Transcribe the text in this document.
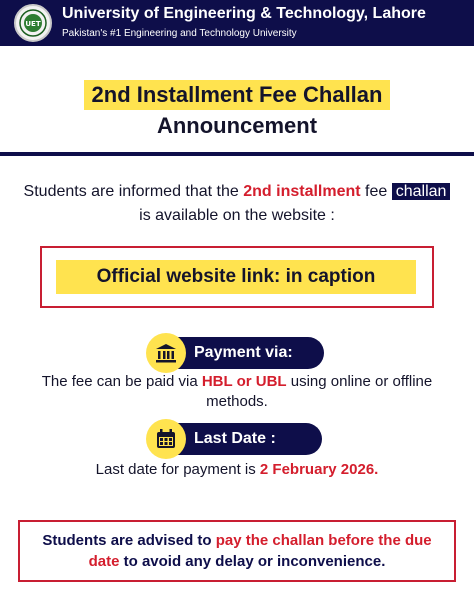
UET
University of Engineering & Technology, Lahore
Pakistan's #1 Engineering and Technology University
2nd Installment Fee Challan
Announcement
Students are informed that the 2nd installment fee challan is available on the website :
Official website link: in caption
Payment via:
The fee can be paid via HBL or UBL using online or offline methods.
Last Date :
Last date for payment is 2 February 2026.
Students are advised to pay the challan before the due date to avoid any delay or inconvenience.
